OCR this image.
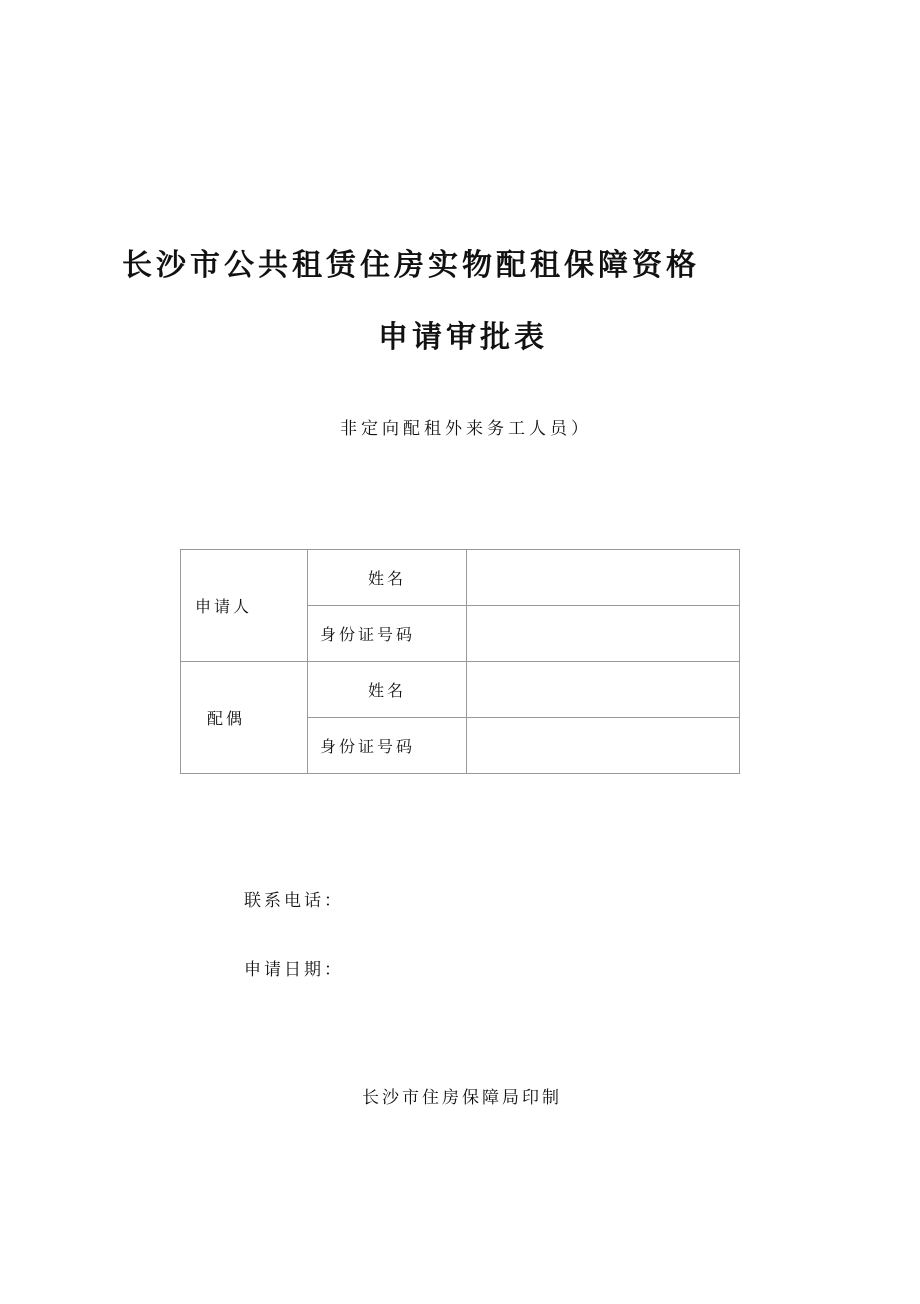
长沙市公共租赁住房实物配租保障资格
申请审批表
非定向配租外来务工人员）
申请人	姓名	
	身份证号码	
配偶	姓名	
	身份证号码	
联系电话：
申请日期：
长沙市住房保障局印制
